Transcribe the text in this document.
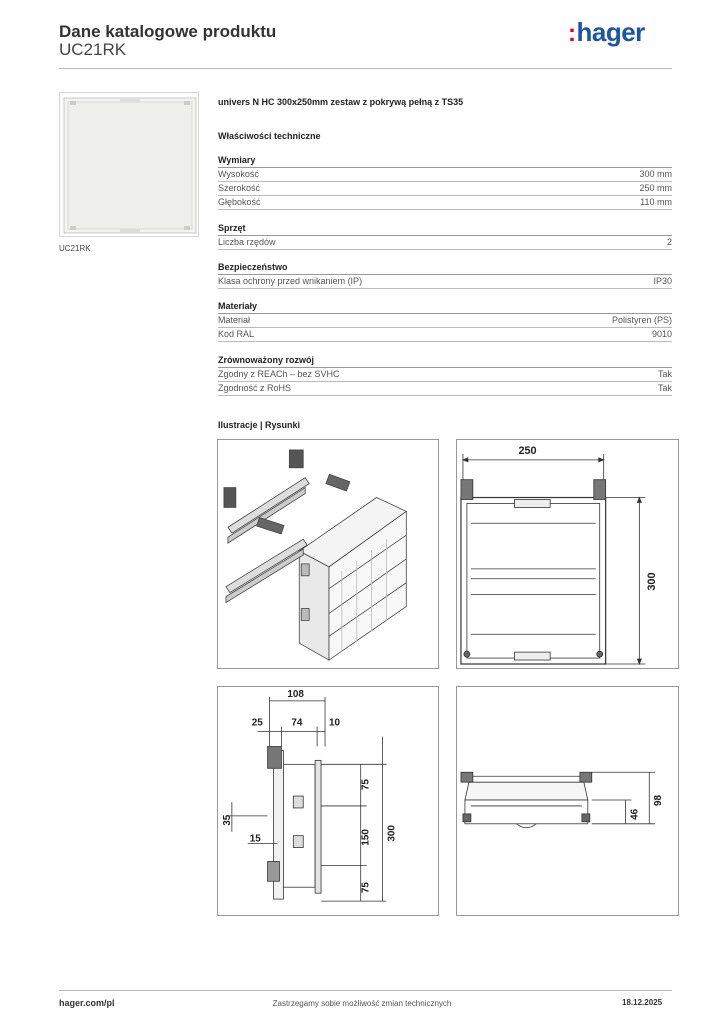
Dane katalogowe produktu
UC21RK
:hager
UC21RK
univers N HC 300x250mm zestaw z pokrywą pełną z TS35
Właściwości techniczne
Wymiary
Wysokość	300 mm
Szerokość	250 mm
Głębokość	110 mm
Sprzęt
Liczba rzędów	2
Bezpieczeństwo
Klasa ochrony przed wnikaniem (IP)	IP30
Materiały
Materiał	Polistyren (PS)
Kod RAL	9010
Zrównoważony rozwój
Zgodny z REACh – bez SVHC	Tak
Zgodność z RoHS	Tak
Ilustracje | Rysunki
250
300
108
25	74	10
35
15
75
150
75
300
46
98
hager.com/pl	Zastrzegamy sobie możliwość zmian technicznych	18.12.2025
